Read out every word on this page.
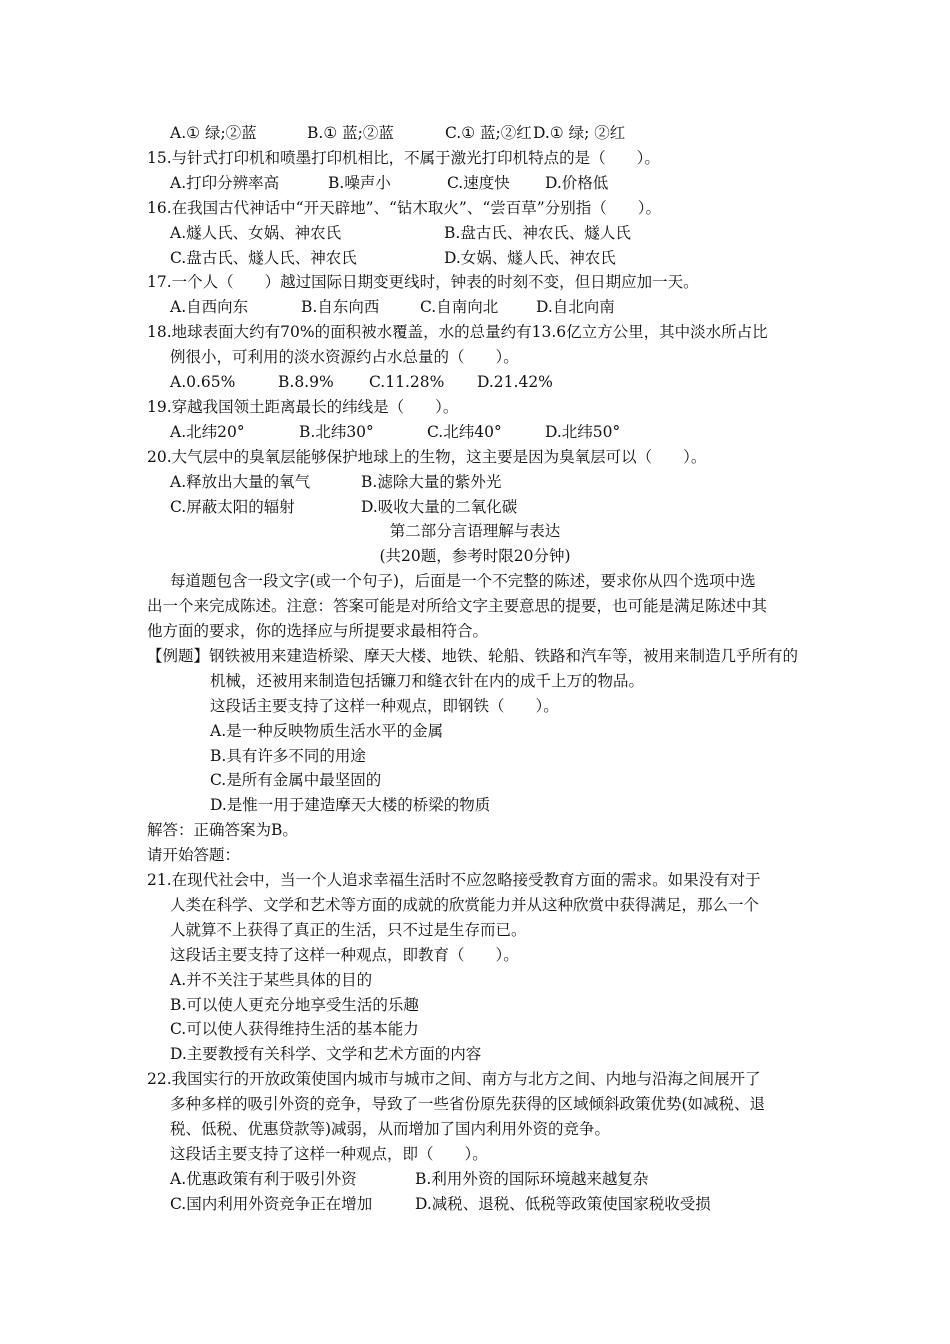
A.① 绿;②蓝	B.① 蓝;②蓝	C.① 蓝;②红 D.① 绿; ②红
15.与针式打印机和喷墨打印机相比，不属于激光打印机特点的是（　　）。
A.打印分辨率高	B.噪声小	C.速度快 D.价格低
16.在我国古代神话中“开天辟地”、“钻木取火”、“尝百草”分别指（　　）。
A.燧人氏、女娲、神农氏	B.盘古氏、神农氏、燧人氏
C.盘古氏、燧人氏、神农氏	D.女娲、燧人氏、神农氏
17.一个人（　　）越过国际日期变更线时，钟表的时刻不变，但日期应加一天。
A.自西向东	B.自东向西	C.自南向北 D.自北向南
18.地球表面大约有70%的面积被水覆盖，水的总量约有13.6亿立方公里，其中淡水所占比
例很小，可利用的淡水资源约占水总量的（　　）。
A.0.65%	B.8.9% C.11.28% D.21.42%
19.穿越我国领土距离最长的纬线是（　　）。
A.北纬20°	B.北纬30°	C.北纬40°	D.北纬50°
20.大气层中的臭氧层能够保护地球上的生物，这主要是因为臭氧层可以（　　）。
A.释放出大量的氧气	B.滤除大量的紫外光
C.屏蔽太阳的辐射	D.吸收大量的二氧化碳
第二部分言语理解与表达
(共20题，参考时限20分钟)
每道题包含一段文字(或一个句子)，后面是一个不完整的陈述，要求你从四个选项中选
出一个来完成陈述。注意：答案可能是对所给文字主要意思的提要，也可能是满足陈述中其
他方面的要求，你的选择应与所提要求最相符合。
【例题】钢铁被用来建造桥梁、摩天大楼、地铁、轮船、铁路和汽车等，被用来制造几乎所有的
机械，还被用来制造包括镰刀和缝衣针在内的成千上万的物品。
这段话主要支持了这样一种观点，即钢铁（　　）。
A.是一种反映物质生活水平的金属
B.具有许多不同的用途
C.是所有金属中最坚固的
D.是惟一用于建造摩天大楼的桥梁的物质
解答：正确答案为B。
请开始答题：
21.在现代社会中，当一个人追求幸福生活时不应忽略接受教育方面的需求。如果没有对于
人类在科学、文学和艺术等方面的成就的欣赏能力并从这种欣赏中获得满足，那么一个
人就算不上获得了真正的生活，只不过是生存而已。
这段话主要支持了这样一种观点，即教育（　　）。
A.并不关注于某些具体的目的
B.可以使人更充分地享受生活的乐趣
C.可以使人获得维持生活的基本能力
D.主要教授有关科学、文学和艺术方面的内容
22.我国实行的开放政策使国内城市与城市之间、南方与北方之间、内地与沿海之间展开了
多种多样的吸引外资的竞争，导致了一些省份原先获得的区域倾斜政策优势(如减税、退
税、低税、优惠贷款等)减弱，从而增加了国内利用外资的竞争。
这段话主要支持了这样一种观点，即（　　）。
A.优惠政策有利于吸引外资	B.利用外资的国际环境越来越复杂
C.国内利用外资竞争正在增加	D.减税、退税、低税等政策使国家税收受损
